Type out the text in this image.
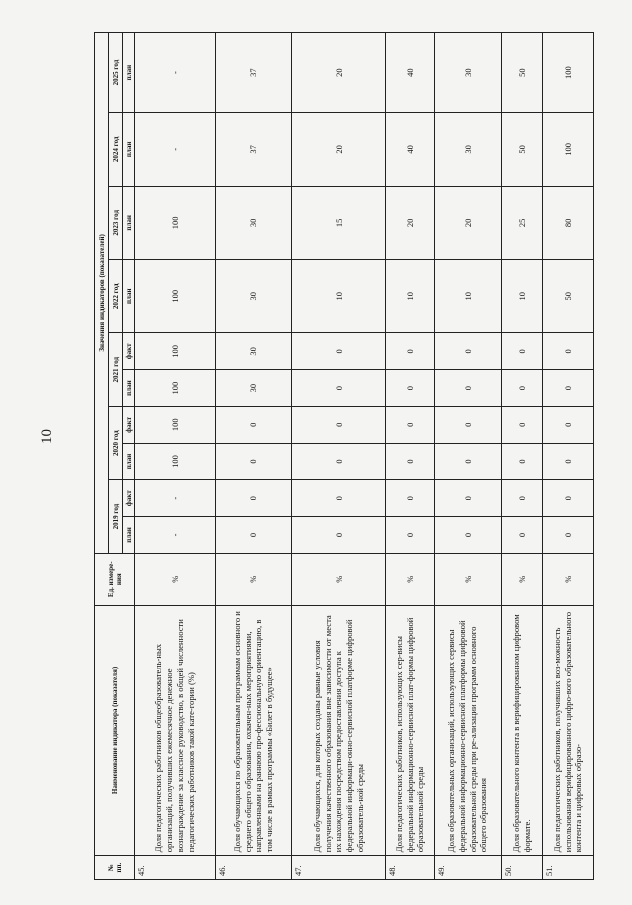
10
№ пп.	Наименование индикатора (показателя)	Ед. измере-ния	Значения индикаторов (показателей)									
			2019 год		2020 год		2021 год		2022 год	2023 год	2024 год	2025 год
			план	факт	план	факт	план	факт	план	план	план	план
45.	Доля педагогических работников общеобразователь-ных организаций, получивших ежемесячное денежное вознаграждение за классное руководство, в общей численности педагогических работников такой кате-гории (%)	%	-	-	100	100	100	100	100	100	-	-
46.	Доля обучающихся по образовательным программам основного и среднего общего образования, охвачен-ных мероприятиями, направленными на раннюю про-фессиональную ориентацию, в том числе в рамках программы «Билет в будущее»	%	0	0	0	0	30	30	30	30	37	37
47.	Доля обучающихся, для которых созданы равные условия получения качественного образования вне зависимости от места их нахождения посредством предоставления доступа к федеральной информаци-онно-сервисной платформе цифровой образователь-ной среды	%	0	0	0	0	0	0	10	15	20	20
48.	Доля педагогических работников, использующих сер-висы федеральной информационно-сервисной плат-формы цифровой образовательной среды	%	0	0	0	0	0	0	10	20	40	40
49.	Доля образовательных организаций, использующих сервисы федеральной информационно-сервисной платформы цифровой образовательной среды при ре-ализации программ основного общего образования	%	0	0	0	0	0	0	10	20	30	30
50.	Доля образовательного контента в верифицированном цифровом формате.	%	0	0	0	0	0	0	10	25	50	50
51.	Доля педагогических работников, получивших воз-можность использования верифицированного цифро-вого образовательного контента и цифровых образо-	%	0	0	0	0	0	0	50	80	100	100
